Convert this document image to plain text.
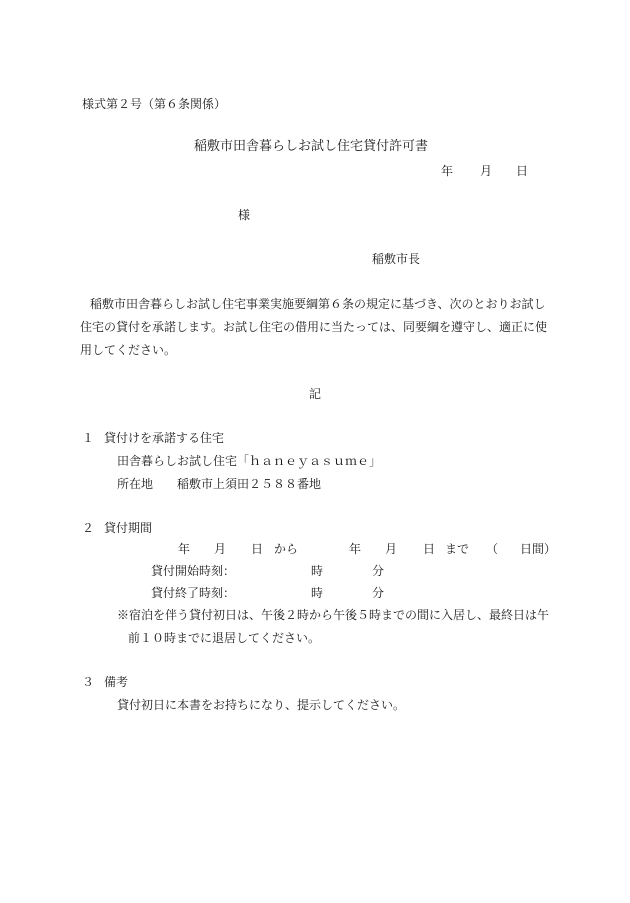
様式第２号（第６条関係）
稲敷市田舎暮らしお試し住宅貸付許可書
年 月 日
様
稲敷市長
稲敷市田舎暮らしお試し住宅事業実施要綱第６条の規定に基づき、次のとおりお試し
住宅の貸付を承諾します。お試し住宅の借用に当たっては、同要綱を遵守し、適正に使
用してください。
記
１ 貸付けを承諾する住宅
田舎暮らしお試し住宅「ｈａｎｅｙａｓｕｍｅ」
所在地 稲敷市上須田２５８８番地
２ 貸付期間
年 月 日 から	年 月 日 まで （ 日間）
貸付開始時刻：	時	分
貸付終了時刻：	時	分
※宿泊を伴う貸付初日は、午後２時から午後５時までの間に入居し、最終日は午
前１０時までに退居してください。
３ 備考
貸付初日に本書をお持ちになり、提示してください。
